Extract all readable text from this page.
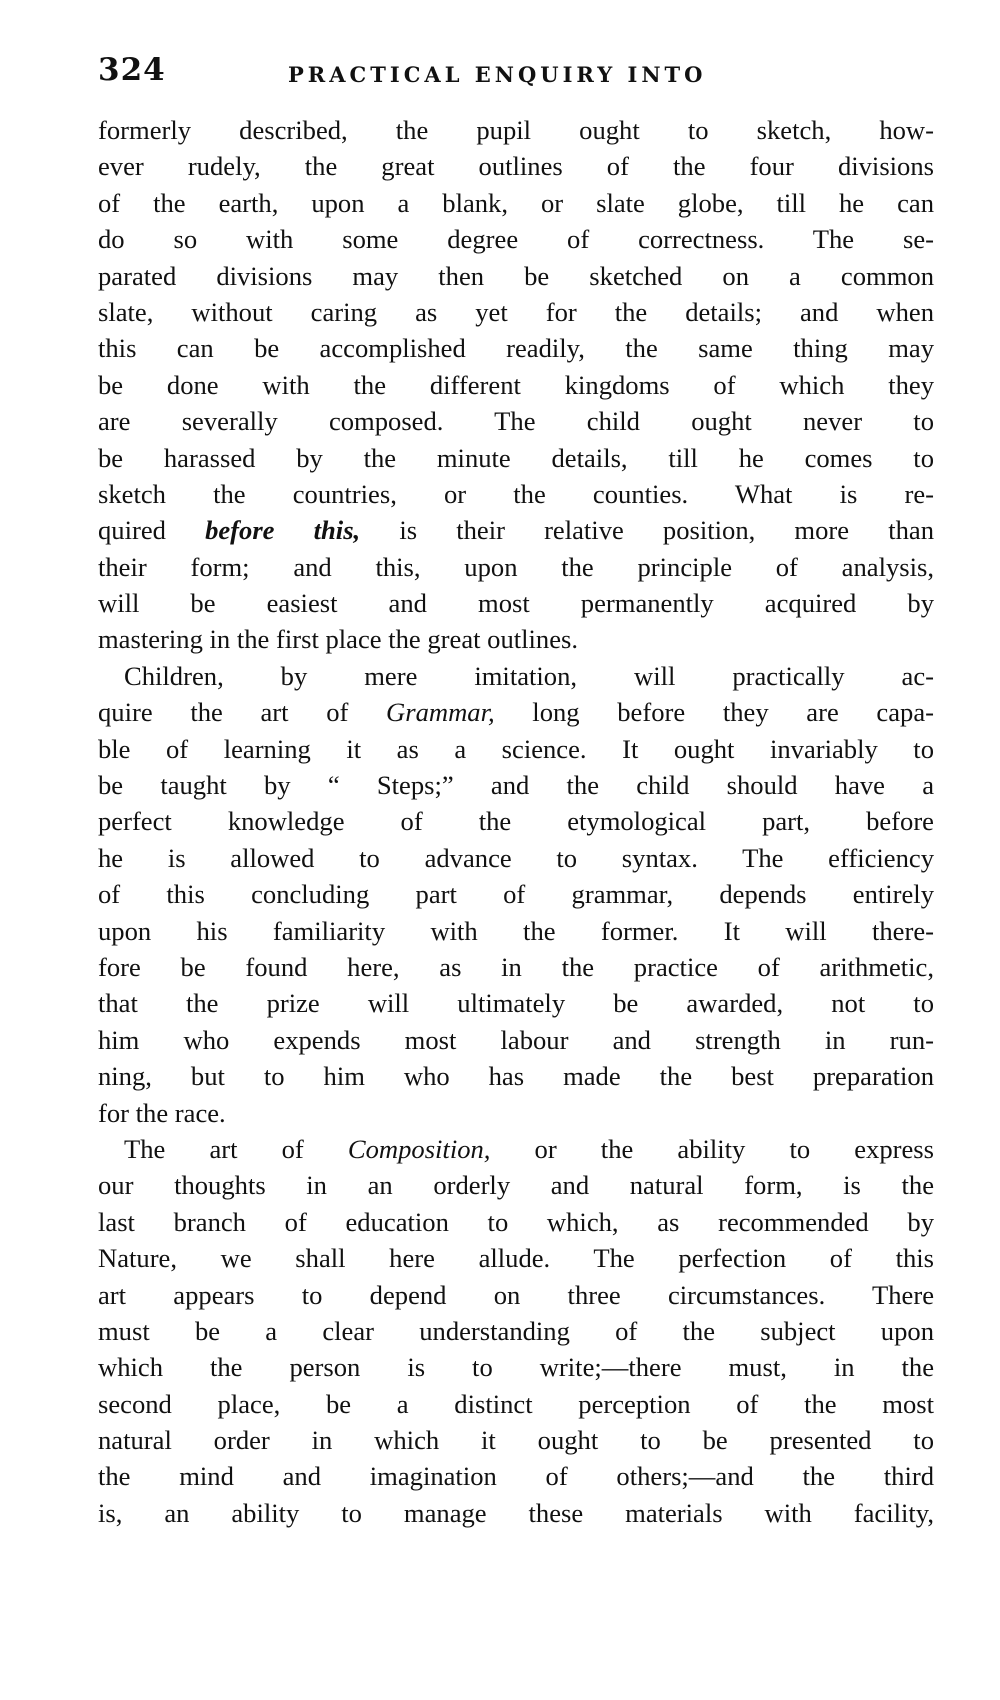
324	PRACTICAL ENQUIRY INTO
formerly described, the pupil ought to sketch, how-
ever rudely, the great outlines of the four divisions
of the earth, upon a blank, or slate globe, till he can
do so with some degree of correctness. The se-
parated divisions may then be sketched on a common
slate, without caring as yet for the details; and when
this can be accomplished readily, the same thing may
be done with the different kingdoms of which they
are severally composed. The child ought never to
be harassed by the minute details, till he comes to
sketch the countries, or the counties. What is re-
quired before this, is their relative position, more than
their form; and this, upon the principle of analysis,
will be easiest and most permanently acquired by
mastering in the first place the great outlines.
Children, by mere imitation, will practically ac-
quire the art of Grammar, long before they are capa-
ble of learning it as a science. It ought invariably to
be taught by “ Steps;” and the child should have a
perfect knowledge of the etymological part, before
he is allowed to advance to syntax. The efficiency
of this concluding part of grammar, depends entirely
upon his familiarity with the former. It will there-
fore be found here, as in the practice of arithmetic,
that the prize will ultimately be awarded, not to
him who expends most labour and strength in run-
ning, but to him who has made the best preparation
for the race.
The art of Composition, or the ability to express
our thoughts in an orderly and natural form, is the
last branch of education to which, as recommended by
Nature, we shall here allude. The perfection of this
art appears to depend on three circumstances. There
must be a clear understanding of the subject upon
which the person is to write;—there must, in the
second place, be a distinct perception of the most
natural order in which it ought to be presented to
the mind and imagination of others;—and the third
is, an ability to manage these materials with facility,
